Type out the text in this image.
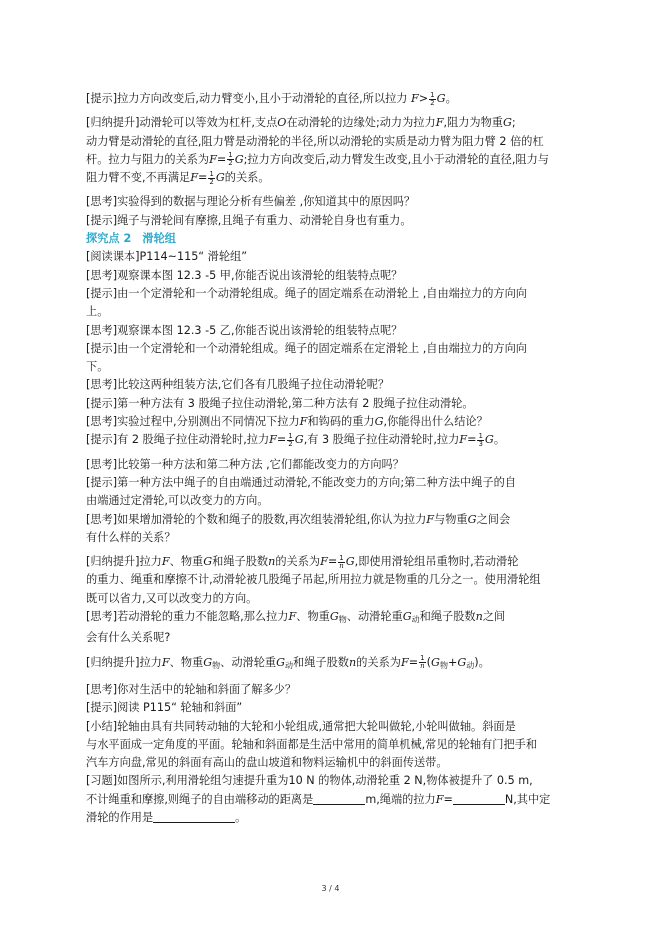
[提示]拉力方向改变后,动力臂变小,且小于动滑轮的直径,所以拉力 $F> \frac{1}{2}$ G。

[归纳提升]动滑轮可以等效为杠杆,支点O在动滑轮的边缘处;动力为拉力F,阻力为物重G;

动力臂是动滑轮的直径,阻力臂是动滑轮的半径,所以动滑轮的实质是动力臂为阻力臂 2 倍的杠

杆。拉力与阻力的关系为$F= \frac{1}{2} G$;拉力方向改变后,动力臂发生改变,且小于动滑轮的直径,阻力与

阻力臂不变,不再满足$F= \frac{1}{2}$ G的关系。

[思考]实验得到的数据与理论分析有些偏差 ,你知道其中的原因吗？

[提示]绳子与滑轮间有摩擦,且绳子有重力、动滑轮自身也有重力。

探究点 2　滑轮组

[阅读课本]P114~115“ 滑轮组”

[思考]观察课本图 12.3 -5 甲,你能否说出该滑轮的组装特点呢？

[提示]由一个定滑轮和一个动滑轮组成。绳子的固定端系在动滑轮上 ,自由端拉力的方向向

上。

[思考]观察课本图 12.3 -5 乙,你能否说出该滑轮的组装特点呢？

[提示]由一个定滑轮和一个动滑轮组成。绳子的固定端系在定滑轮上 ,自由端拉力的方向向

下。

[思考]比较这两种组装方法,它们各有几股绳子拉住动滑轮呢？

[提示]第一种方法有 3 股绳子拉住动滑轮,第二种方法有 2 股绳子拉住动滑轮。

[思考]实验过程中,分别测出不同情况下拉力F和钩码的重力G,你能得出什么结论？

[提示]有 2 股绳子拉住动滑轮时,拉力$F= \frac{1}{2} G$,有 3 股绳子拉住动滑轮时,拉力$F= \frac{1}{3}$ G。

[思考]比较第一种方法和第二种方法 ,它们都能改变力的方向吗？

[提示]第一种方法中绳子的自由端通过动滑轮,不能改变力的方向;第二种方法中绳子的自

由端通过定滑轮,可以改变力的方向。

[思考]如果增加滑轮的个数和绳子的股数,再次组装滑轮组,你认为拉力F与物重G之间会

有什么样的关系？

[归纳提升]拉力F、物重G和绳子股数n的关系为$F= \frac{1}{n} G$,即使用滑轮组吊重物时,若动滑轮

的重力、绳重和摩擦不计,动滑轮被几股绳子吊起,所用拉力就是物重的几分之一。使用滑轮组

既可以省力,又可以改变力的方向。

[思考]若动滑轮的重力不能忽略,那么拉力F、物重$G_物$、动滑轮重$G_动$和绳子股数n之间

会有什么关系呢?

[归纳提升]拉力F、物重$G_物$、动滑轮重$G_动$和绳子股数n的关系为$F= \frac{1}{n} (G_物+G_动)$。

[思考]你对生活中的轮轴和斜面了解多少？

[提示]阅读 P115“ 轮轴和斜面”

[小结]轮轴由具有共同转动轴的大轮和小轮组成,通常把大轮叫做轮,小轮叫做轴。斜面是

与水平面成一定角度的平面。轮轴和斜面都是生活中常用的简单机械,常见的轮轴有门把手和

汽车方向盘,常见的斜面有高山的盘山坡道和物料运输机中的斜面传送带。

[习题]如图所示,利用滑轮组匀速提升重为10 N 的物体,动滑轮重 2 N,物体被提升了 0.5 m,

不计绳重和摩擦,则绳子的自由端移动的距离是	m,绳端的拉力F=	N,其中定

滑轮的作用是	。

3 / 4
